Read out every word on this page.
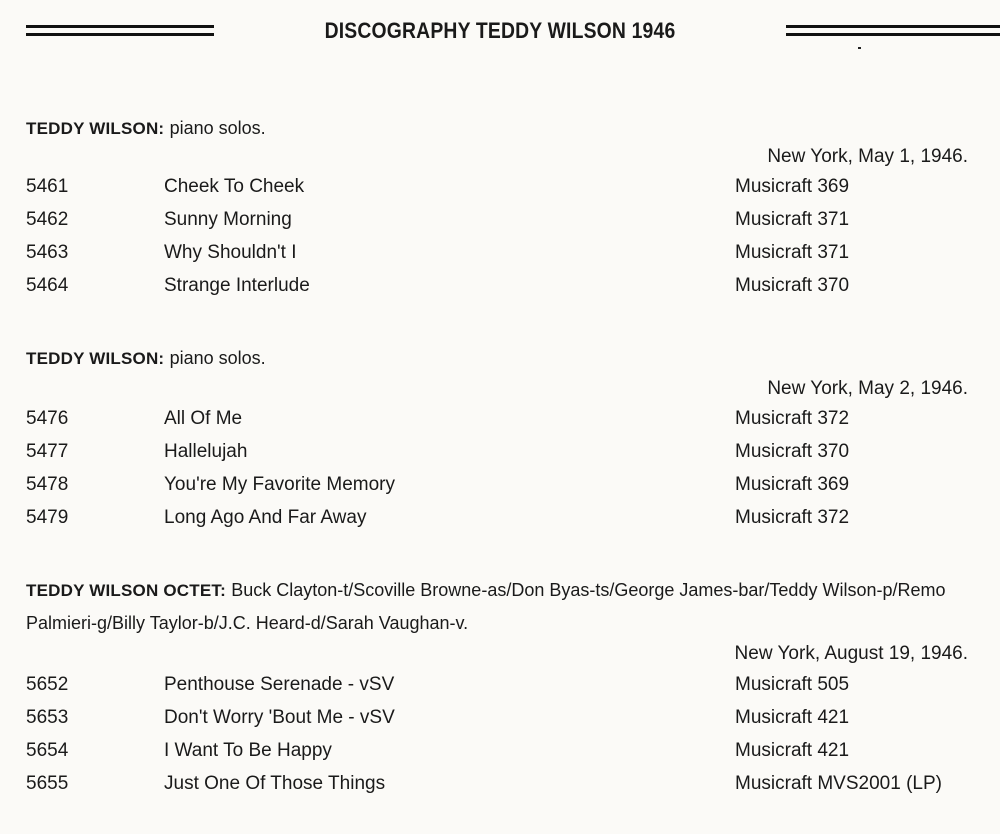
DISCOGRAPHY TEDDY WILSON 1946
TEDDY WILSON: piano solos.
New York, May 1, 1946.
5461	Cheek To Cheek	Musicraft 369
5462	Sunny Morning	Musicraft 371
5463	Why Shouldn't I	Musicraft 371
5464	Strange Interlude	Musicraft 370
TEDDY WILSON: piano solos.
New York, May 2, 1946.
5476	All Of Me	Musicraft 372
5477	Hallelujah	Musicraft 370
5478	You're My Favorite Memory	Musicraft 369
5479	Long Ago And Far Away	Musicraft 372
TEDDY WILSON OCTET: Buck Clayton-t/Scoville Browne-as/Don Byas-ts/George James-bar/Teddy Wilson-p/Remo Palmieri-g/Billy Taylor-b/J.C. Heard-d/Sarah Vaughan-v.
New York, August 19, 1946.
5652	Penthouse Serenade - vSV	Musicraft 505
5653	Don't Worry 'Bout Me - vSV	Musicraft 421
5654	I Want To Be Happy	Musicraft 421
5655	Just One Of Those Things	Musicraft MVS2001 (LP)
